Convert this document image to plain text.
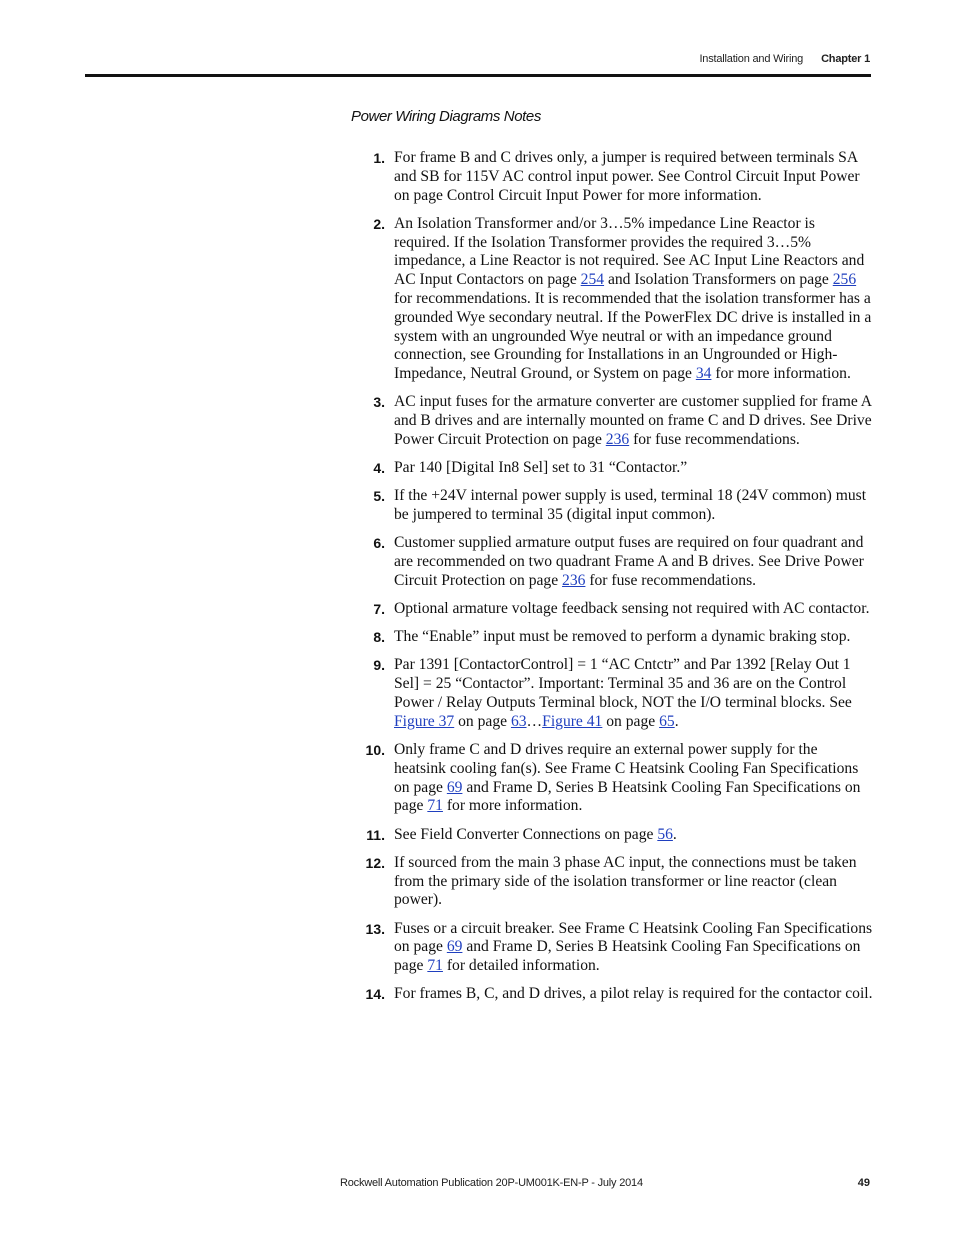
Installation and Wiring Chapter 1
Power Wiring Diagrams Notes
1. For frame B and C drives only, a jumper is required between terminals SA and SB for 115V AC control input power. See Control Circuit Input Power on page Control Circuit Input Power for more information.
2. An Isolation Transformer and/or 3…5% impedance Line Reactor is required. If the Isolation Transformer provides the required 3…5% impedance, a Line Reactor is not required. See AC Input Line Reactors and AC Input Contactors on page 254 and Isolation Transformers on page 256 for recommendations. It is recommended that the isolation transformer has a grounded Wye secondary neutral. If the PowerFlex DC drive is installed in a system with an ungrounded Wye neutral or with an impedance ground connection, see Grounding for Installations in an Ungrounded or High-Impedance, Neutral Ground, or System on page 34 for more information.
3. AC input fuses for the armature converter are customer supplied for frame A and B drives and are internally mounted on frame C and D drives. See Drive Power Circuit Protection on page 236 for fuse recommendations.
4. Par 140 [Digital In8 Sel] set to 31 “Contactor.”
5. If the +24V internal power supply is used, terminal 18 (24V common) must be jumpered to terminal 35 (digital input common).
6. Customer supplied armature output fuses are required on four quadrant and are recommended on two quadrant Frame A and B drives. See Drive Power Circuit Protection on page 236 for fuse recommendations.
7. Optional armature voltage feedback sensing not required with AC contactor.
8. The “Enable” input must be removed to perform a dynamic braking stop.
9. Par 1391 [ContactorControl] = 1 “AC Cntctr” and Par 1392 [Relay Out 1 Sel] = 25 “Contactor”. Important: Terminal 35 and 36 are on the Control Power / Relay Outputs Terminal block, NOT the I/O terminal blocks. See Figure 37 on page 63…Figure 41 on page 65.
10. Only frame C and D drives require an external power supply for the heatsink cooling fan(s). See Frame C Heatsink Cooling Fan Specifications on page 69 and Frame D, Series B Heatsink Cooling Fan Specifications on page 71 for more information.
11. See Field Converter Connections on page 56.
12. If sourced from the main 3 phase AC input, the connections must be taken from the primary side of the isolation transformer or line reactor (clean power).
13. Fuses or a circuit breaker. See Frame C Heatsink Cooling Fan Specifications on page 69 and Frame D, Series B Heatsink Cooling Fan Specifications on page 71 for detailed information.
14. For frames B, C, and D drives, a pilot relay is required for the contactor coil.
Rockwell Automation Publication 20P-UM001K-EN-P - July 2014	49
